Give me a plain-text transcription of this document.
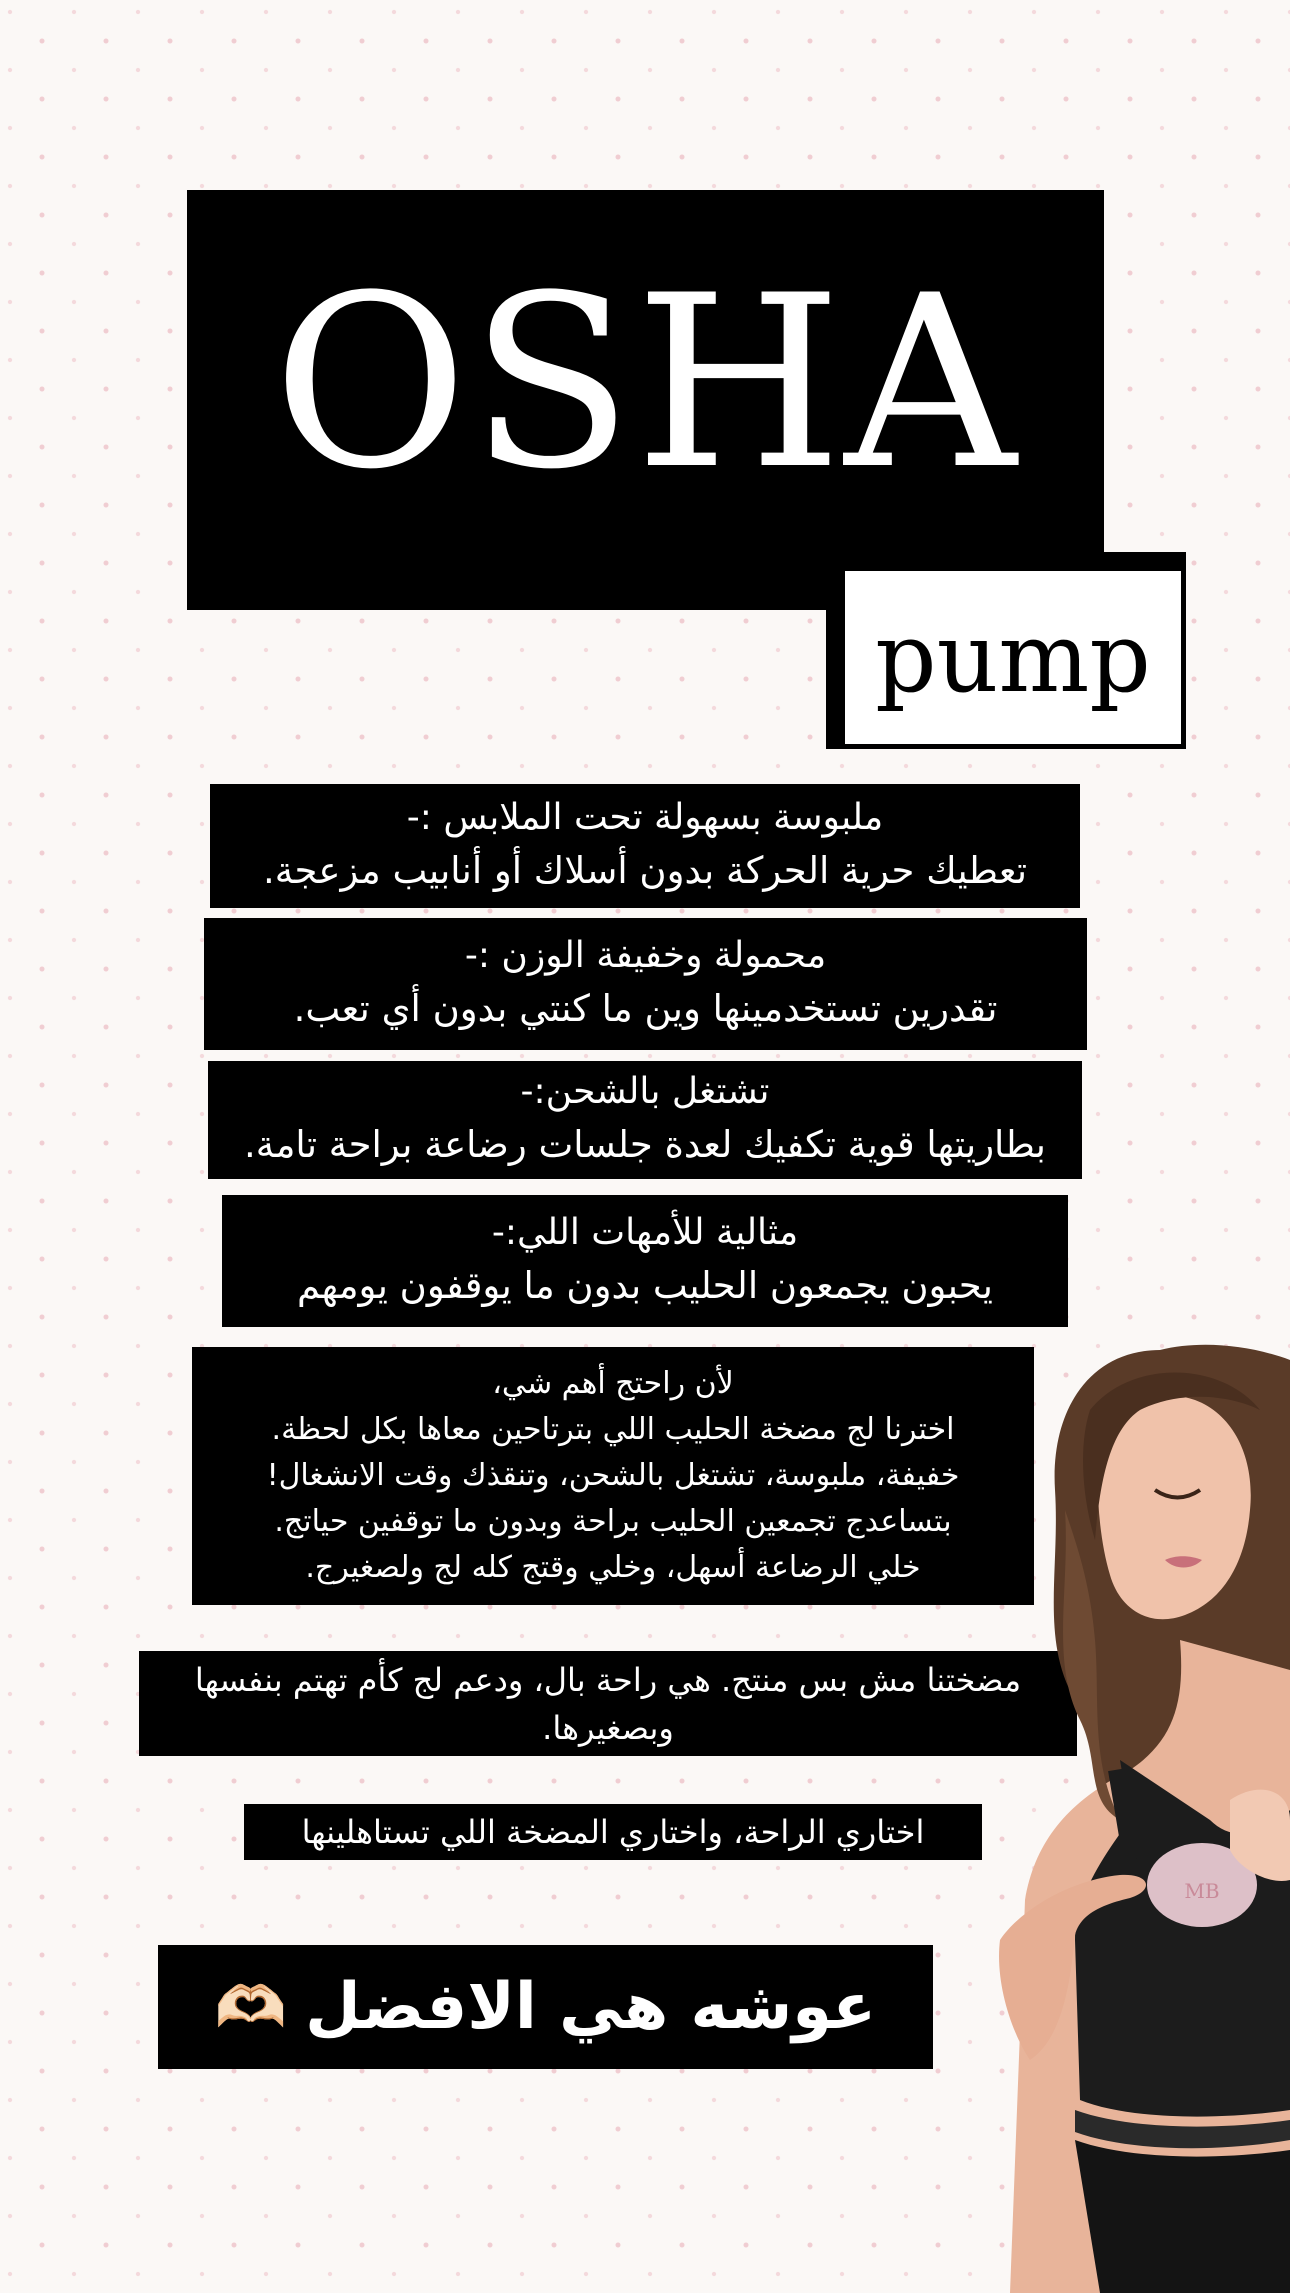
OSHA
pump
ملبوسة بسهولة تحت الملابس :-
تعطيك حرية الحركة بدون أسلاك أو أنابيب مزعجة.
محمولة وخفيفة الوزن :-
تقدرين تستخدمينها وين ما كنتي بدون أي تعب.
تشتغل بالشحن:-
بطاريتها قوية تكفيك لعدة جلسات رضاعة براحة تامة.
مثالية للأمهات اللي:-
يحبون يجمعون الحليب بدون ما يوقفون يومهم
لأن راحتج أهم شي،
اخترنا لج مضخة الحليب اللي بترتاحين معاها بكل لحظة.
خفيفة، ملبوسة، تشتغل بالشحن، وتنقذك وقت الانشغال!
بتساعدج تجمعين الحليب براحة وبدون ما توقفين حياتج.
خلي الرضاعة أسهل، وخلي وقتج كله لج ولصغيرج.
مضختنا مش بس منتج. هي راحة بال، ودعم لج كأم تهتم بنفسها
وبصغيرها.
اختاري الراحة، واختاري المضخة اللي تستاهلينها
عوشه هي الافضل
🫶🏻
MB
